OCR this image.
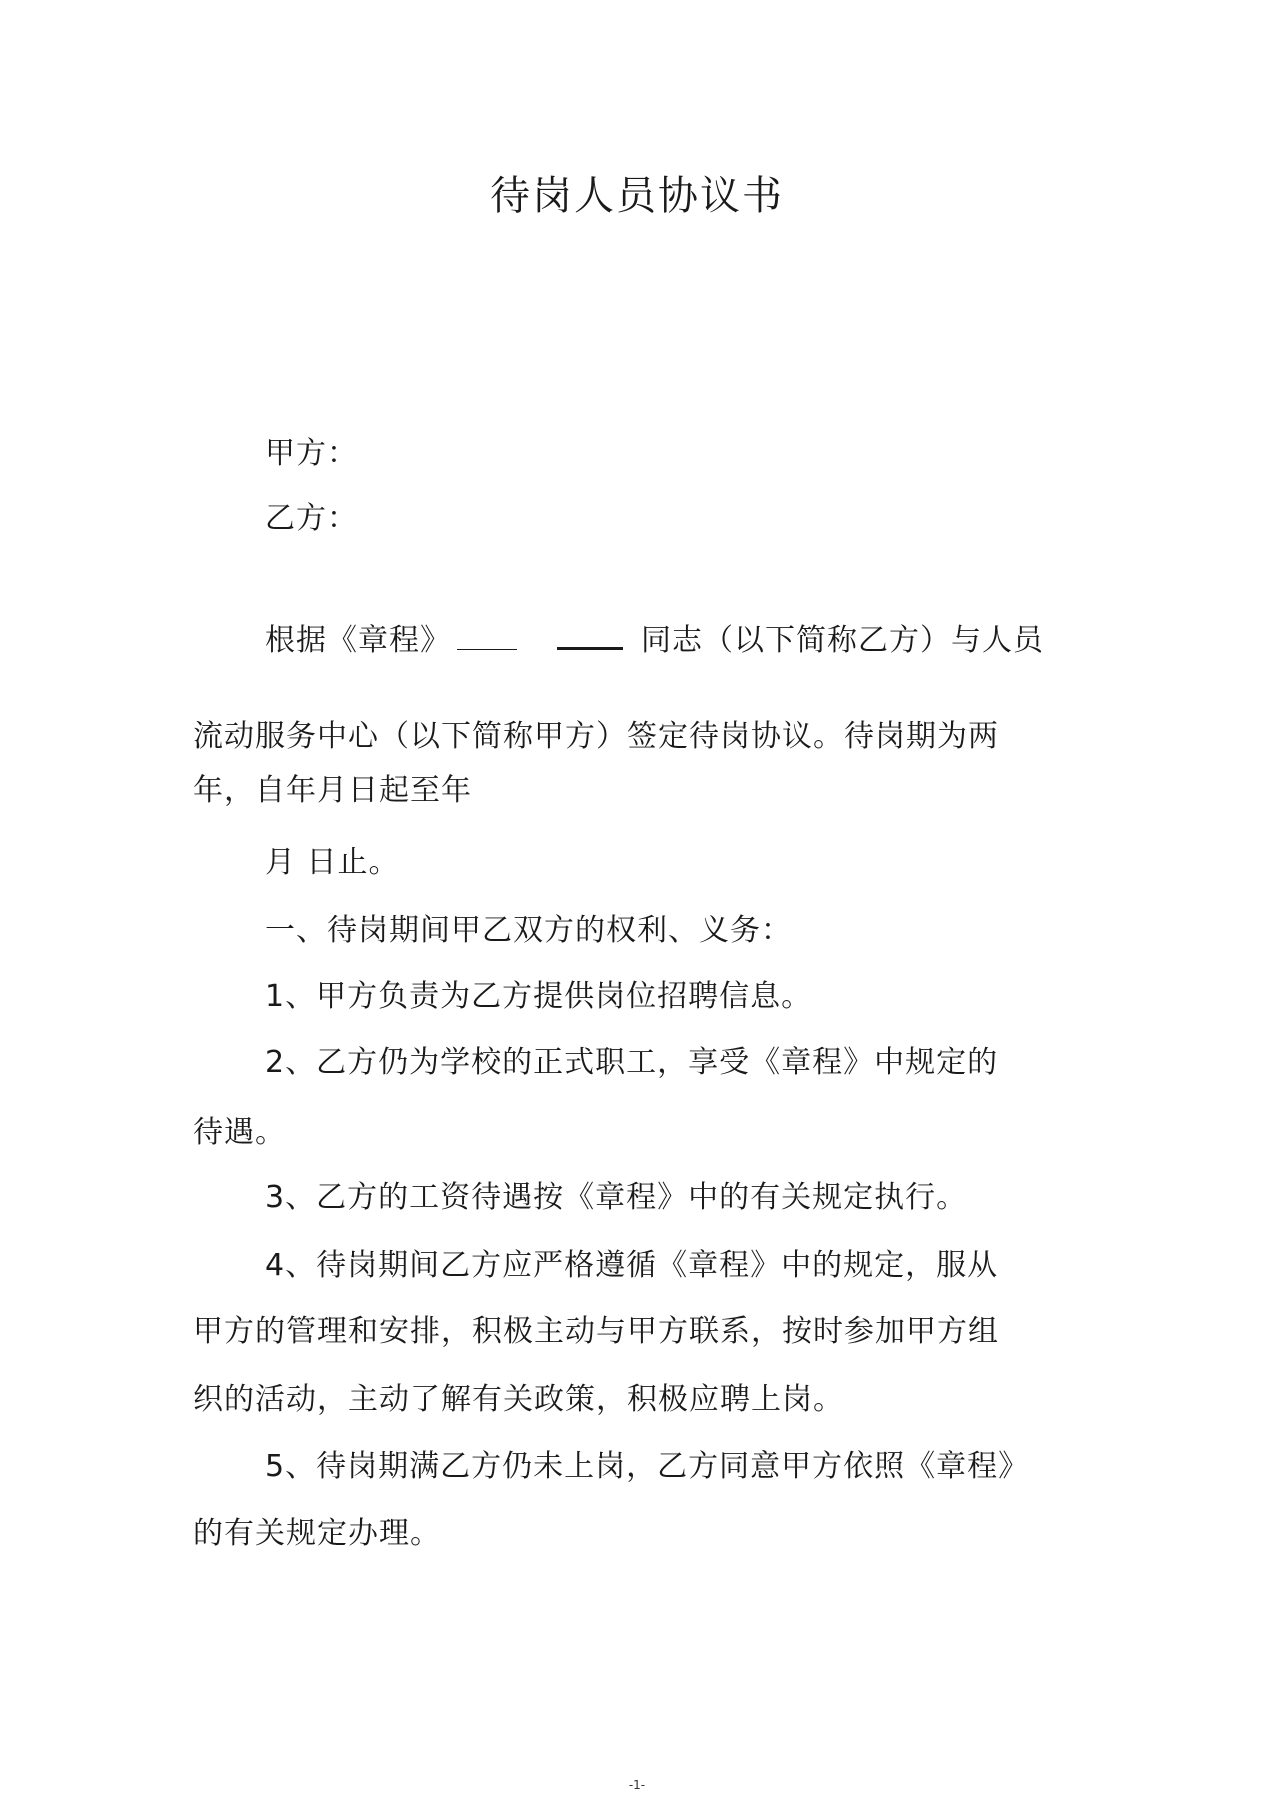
待岗人员协议书

甲方：

乙方：

根据《章程》	同志（以下简称乙方）与人员

流动服务中心（以下简称甲方）签定待岗协议。待岗期为两

年，自年月日起至年

月 日止。

一、待岗期间甲乙双方的权利、义务：

1、甲方负责为乙方提供岗位招聘信息。

2、乙方仍为学校的正式职工，享受《章程》中规定的

待遇。

3、乙方的工资待遇按《章程》中的有关规定执行。

4、待岗期间乙方应严格遵循《章程》中的规定，服从

甲方的管理和安排，积极主动与甲方联系，按时参加甲方组

织的活动，主动了解有关政策，积极应聘上岗。

5、待岗期满乙方仍未上岗，乙方同意甲方依照《章程》

的有关规定办理。

-1-
